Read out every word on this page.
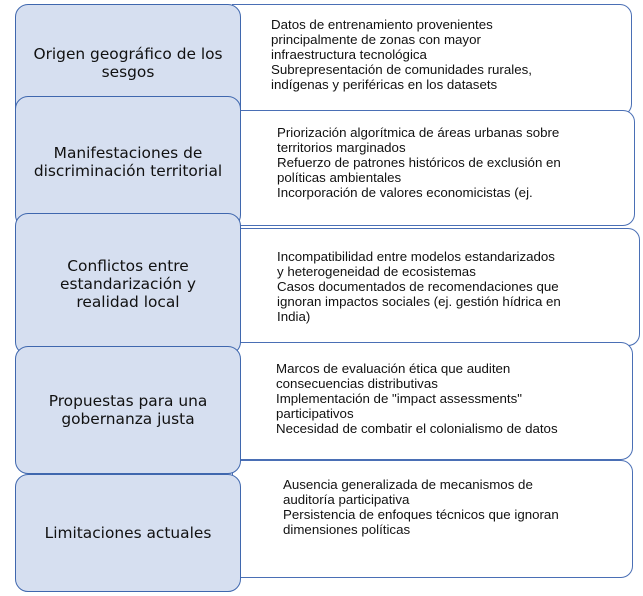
Datos de entrenamiento provenientes
principalmente de zonas con mayor
infraestructura tecnológica
Subrepresentación de comunidades rurales,
indígenas y periféricas en los datasets
Priorización algorítmica de áreas urbanas sobre
territorios marginados
Refuerzo de patrones históricos de exclusión en
políticas ambientales
Incorporación de valores economicistas (ej.
Incompatibilidad entre modelos estandarizados
y heterogeneidad de ecosistemas
Casos documentados de recomendaciones que
ignoran impactos sociales (ej. gestión hídrica en
India)
Marcos de evaluación ética que auditen
consecuencias distributivas
Implementación de "impact assessments"
participativos
Necesidad de combatir el colonialismo de datos
Ausencia generalizada de mecanismos de
auditoría participativa
Persistencia de enfoques técnicos que ignoran
dimensiones políticas
Origen geográfico de los
sesgos
Manifestaciones de
discriminación territorial
Conflictos entre
estandarización y
realidad local
Propuestas para una
gobernanza justa
Limitaciones actuales
